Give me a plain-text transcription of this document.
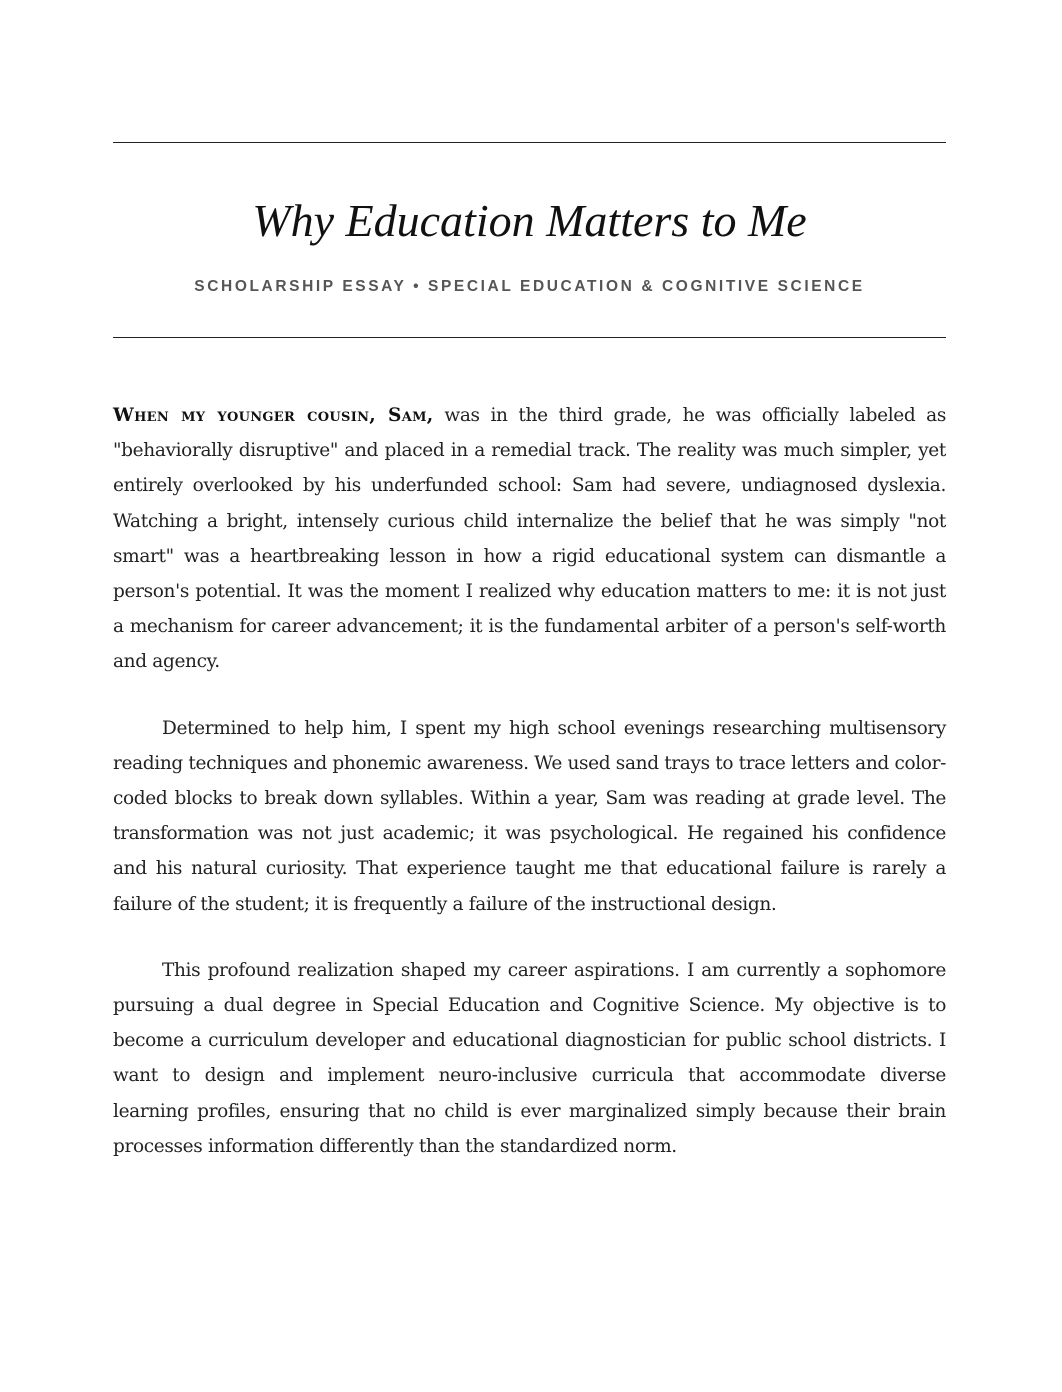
Why Education Matters to Me
SCHOLARSHIP ESSAY • SPECIAL EDUCATION & COGNITIVE SCIENCE

When my younger cousin, Sam, was in the third grade, he was officially labeled as "behaviorally disruptive" and placed in a remedial track. The reality was much simpler, yet entirely overlooked by his underfunded school: Sam had severe, undiagnosed dyslexia. Watching a bright, intensely curious child internalize the belief that he was simply "not smart" was a heartbreaking lesson in how a rigid educational system can dismantle a person's potential. It was the moment I realized why education matters to me: it is not just a mechanism for career advancement; it is the fundamental arbiter of a person's self-worth and agency.

Determined to help him, I spent my high school evenings researching multisensory reading techniques and phonemic awareness. We used sand trays to trace letters and color-coded blocks to break down syllables. Within a year, Sam was reading at grade level. The transformation was not just academic; it was psychological. He regained his confidence and his natural curiosity. That experience taught me that educational failure is rarely a failure of the student; it is frequently a failure of the instructional design.

This profound realization shaped my career aspirations. I am currently a sophomore pursuing a dual degree in Special Education and Cognitive Science. My objective is to become a curriculum developer and educational diagnostician for public school districts. I want to design and implement neuro-inclusive curricula that accommodate diverse learning profiles, ensuring that no child is ever marginalized simply because their brain processes information differently than the standardized norm.
